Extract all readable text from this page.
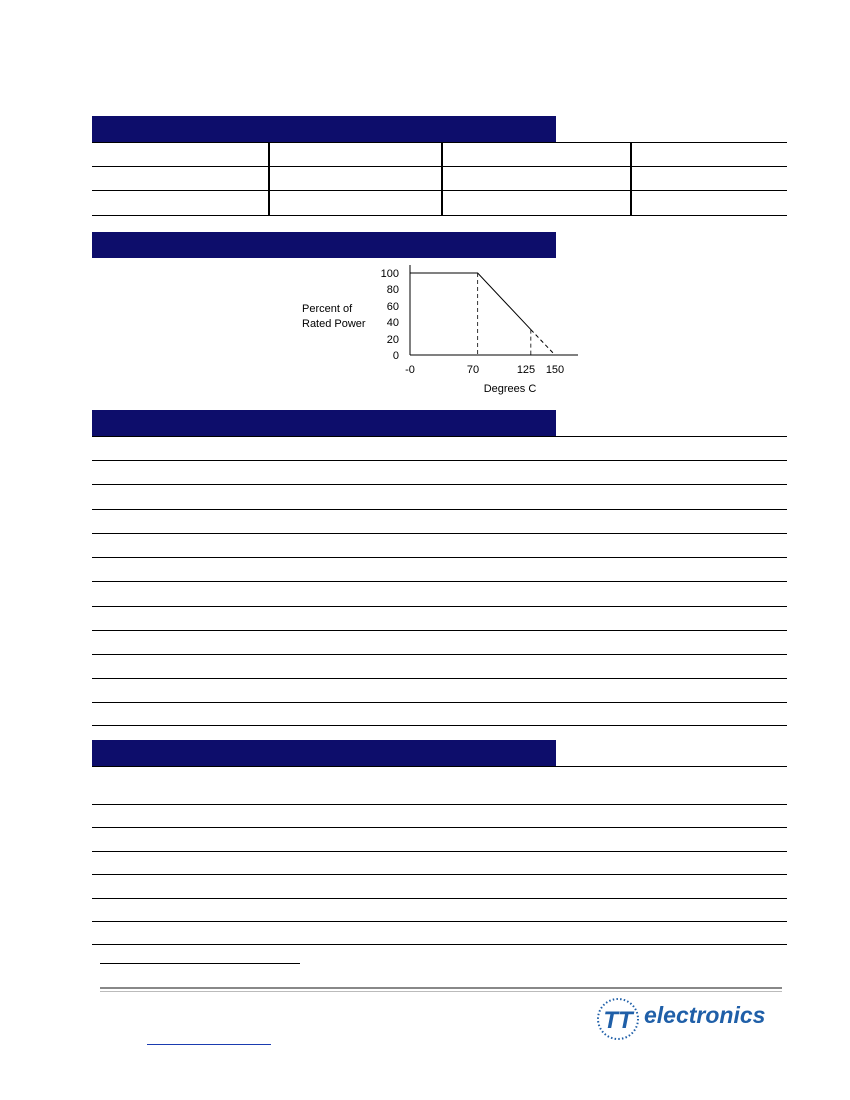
Percent of
Rated Power
100
80
60
40
20
0
-0	70	125 150
Degrees C
TT electronics
